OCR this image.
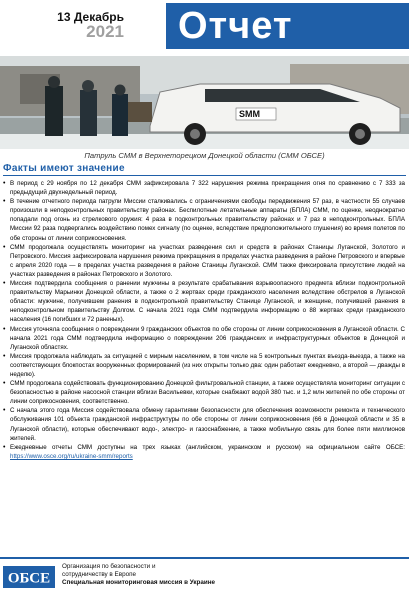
13 Декабрь
2021	Отчет
SMM
Патруль СММ в Верхнеторецком Донецкой области (СММ ОБСЕ)
Факты имеют значение
• В период с 29 ноября по 12 декабря СММ зафиксировала 7 322 нарушения режима прекращения огня по сравнению с 7 333 за предыдущий двухнедельный период.
• В течение отчетного периода патрули Миссии сталкивались с ограничениями свободы передвижения 57 раз, в частности 55 случаев произошли в неподконтрольных правительству районах. Беспилотные летательные аппараты (БПЛА) СММ, по оценке, неоднократно попадали под огонь из стрелкового оружия: 4 раза в подконтрольных правительству районах и 7 раз в неподконтрольных. БПЛА Миссии 92 раза подвергались воздействию помех сигналу (по оценке, вследствие предположительного глушения) во время полетов по обе стороны от линии соприкосновения.
• СММ продолжала осуществлять мониторинг на участках разведения сил и средств в районах Станицы Луганской, Золотого и Петровского. Миссия зафиксировала нарушения режима прекращения в пределах участка разведения в районе Петровского и впервые с апреля 2020 года — в пределах участка разведения в районе Станицы Луганской. СММ также фиксировала присутствие людей на участках разведения в районах Петровского и Золотого.
• Миссия подтвердила сообщения о ранении мужчины в результате срабатывания взрывоопасного предмета вблизи подконтрольной правительству Марьинки Донецкой области, а также о 2 жертвах среди гражданского населения вследствие обстрелов в Луганской области: мужчине, получившем ранения в подконтрольной правительству Станице Луганской, и женщине, получившей ранения в неподконтрольном правительству Долгом. С начала 2021 года СММ подтвердила информацию о 88 жертвах среди гражданского населения (16 погибших и 72 раненых).
• Миссия уточняла сообщения о повреждении 9 гражданских объектов по обе стороны от линии соприкосновения в Луганской области. С начала 2021 года СММ подтвердила информацию о повреждении 206 гражданских и инфраструктурных объектов в Донецкой и Луганской областях.
• Миссия продолжала наблюдать за ситуацией с мирным населением, в том числе на 5 контрольных пунктах въезда-выезда, а также на соответствующих блокпостах вооруженных формирований (из них открыты только два: один работает ежедневно, а второй — дважды в неделю).
• СММ продолжала содействовать функционированию Донецкой фильтровальной станции, а также осуществляла мониторинг ситуации с безопасностью в районе насосной станции вблизи Васильевки, которые снабжают водой 380 тыс. и 1,2 млн жителей по обе стороны от линии соприкосновения, соответственно.
• С начала этого года Миссия содействовала обмену гарантиями безопасности для обеспечения возможности ремонта и технического обслуживания 101 объекта гражданской инфраструктуры по обе стороны от линии соприкосновения (66 в Донецкой области и 35 в Луганской области), которые обеспечивают водо-, электро- и газоснабжение, а также мобильную связь для более пяти миллионов жителей.
• Ежедневные отчеты СММ доступны на трех языках (английском, украинском и русском) на официальном сайте ОБСЕ: https://www.osce.org/ru/ukraine-smm/reports
ОБСЕ
Организация по безопасности и
сотрудничеству в Европе
Специальная мониторинговая миссия в Украине
